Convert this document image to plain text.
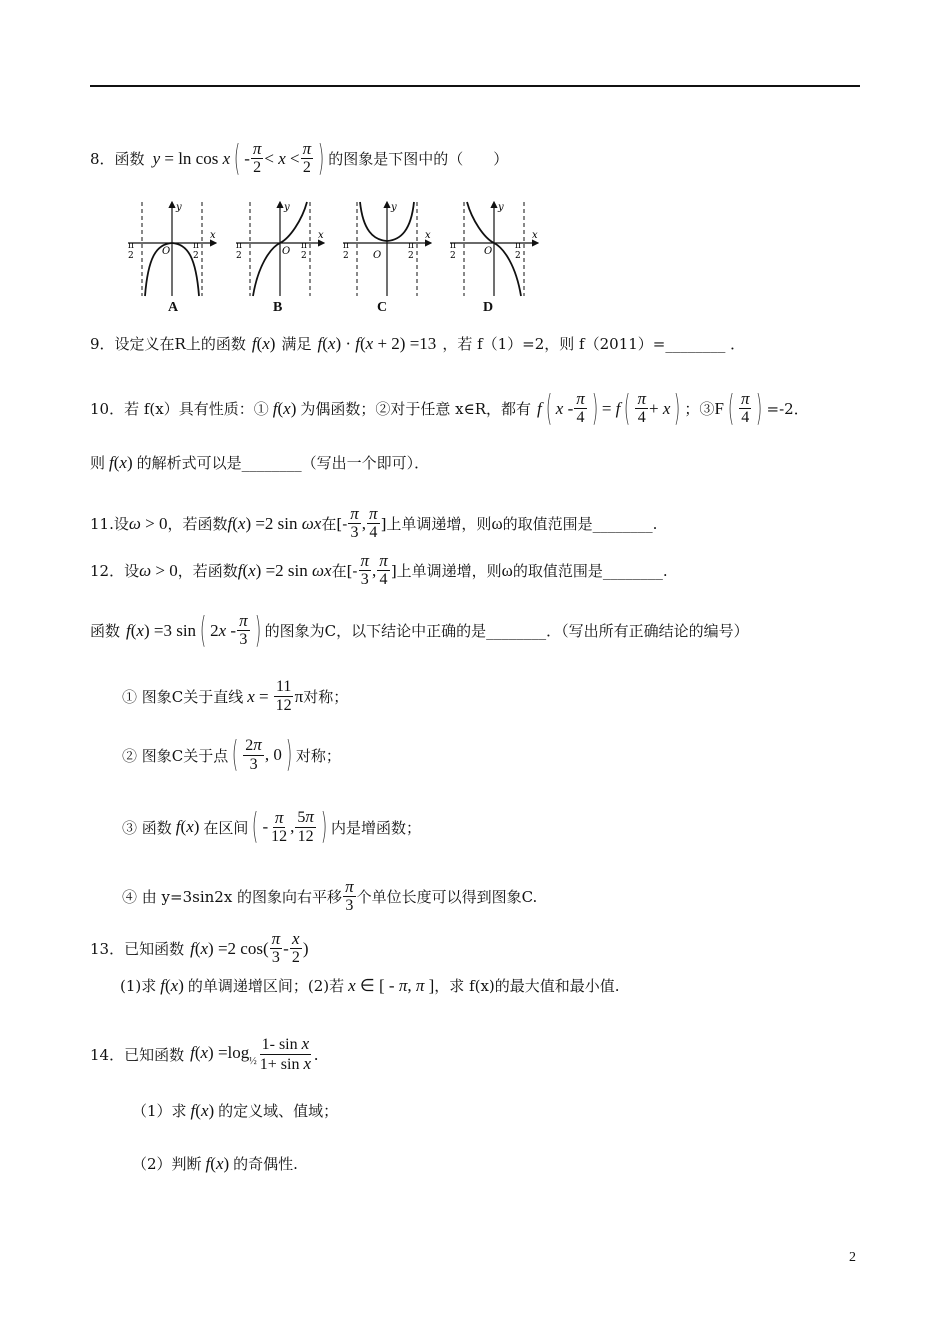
8． 函数 y = ln cos x ( - $\frac{\pi}{2} < x < \frac{\pi}{2}$ ) 的图象是下图中的（　　）
y
x
O
π
2
π
2
y
x
O
π
2
π
2
y
x
O
π
2
π
2
y
x
O
π
2
π
2
A	B	C	D
9．设定义在R上的函数 f(x) 满足 f(x) · f(x + 2) =13 ，若 f（1）=2，则 f（2011）=________ ．
10．若 f(x）具有性质：① f(x) 为偶函数；②对于任意 x∈R，都有 f ( x - $\frac{\pi}{4}$ ) = f ( $\frac{\pi}{4} + x$ ) ；③ F ( $\frac{\pi}{4}$ ) =-2．
则 f(x) 的解析式可以是________（写出一个即可）．
11.设 ω > 0 ，若函数 f(x) =2 sin ωx 在[- $\frac{\pi}{3}$ , $\frac{\pi}{4}$ ]上单调递增，则 ω 的取值范围是________.
12．设 ω > 0 ，若函数 f(x) =2 sin ωx 在[- $\frac{\pi}{3}$ , $\frac{\pi}{4}$ ]上单调递增，则 ω 的取值范围是________.
函数 f(x) =3 sin ( $2x - \frac{\pi}{3}$ ) 的图象为C，以下结论中正确的是________．（写出所有正确结论的编号）
① 图象C关于直线 $x = \frac{11}{12}$ π 对称；
② 图象C关于点 ( $\frac{2\pi}{3}$ , 0 ) 对称；
③ 函数 f(x) 在区间 ( - $\frac{\pi}{12}$ , $\frac{5\pi}{12}$ ) 内是增函数；
④ 由 y=3sin2x 的图象向右平移 $\frac{\pi}{3}$ 个单位长度可以得到图象C.
13．已知函数 f(x) =2 $\cos( \frac{\pi}{3} - \frac{x}{2}$ )
(1)求 f(x) 的单调递增区间；(2)若 x ∈ [ - π, π ] ，求 f(x)的最大值和最小值.
14．已知函数 $f(x) =\log_{\frac{1}{2}} \frac{\text{1- sin x}}{\text{1+ sin x}}$ .
（1）求 f(x) 的定义域、值域；
（2）判断 f(x) 的奇偶性.
2
